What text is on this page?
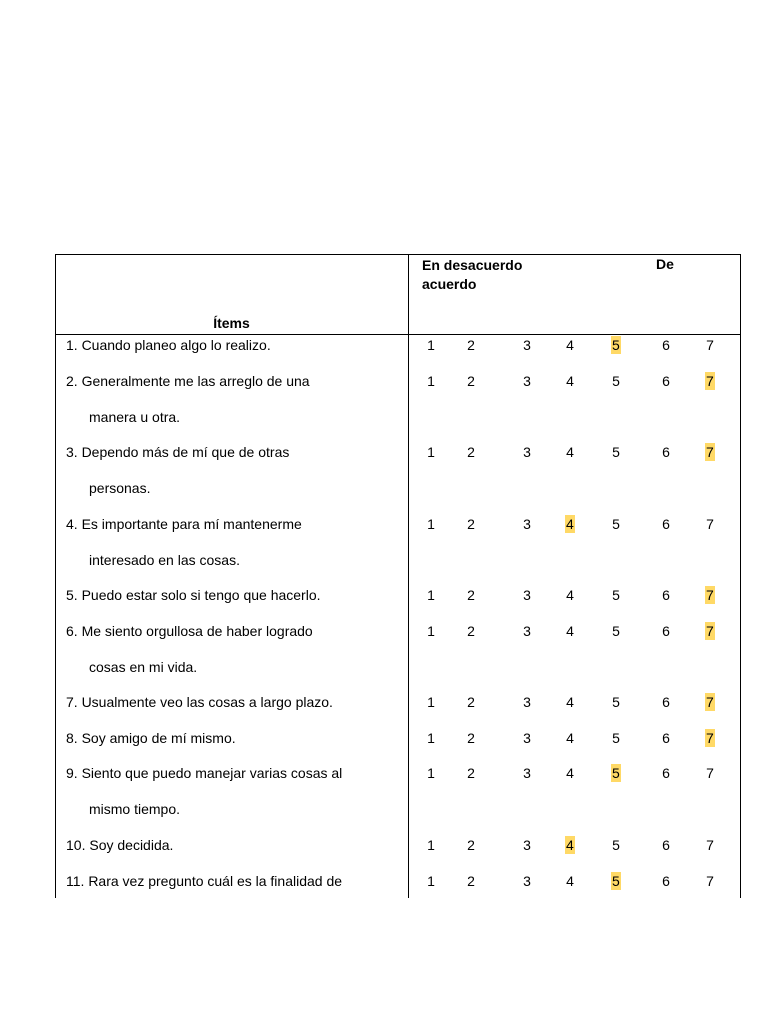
Ítems
En desacuerdo
acuerdo
De
1. Cuando planeo algo lo realizo.	1	2	3	4	5	6	7
2. Generalmente me las arreglo de una
manera u otra.
1	2	3	4	5	6	7
3. Dependo más de mí que de otras
personas.
1	2	3	4	5	6	7
4. Es importante para mí mantenerme
interesado en las cosas.
1	2	3	4	5	6	7
5. Puedo estar solo si tengo que hacerlo.	1	2	3	4	5	6	7
6. Me siento orgullosa de haber logrado
cosas en mi vida.
1	2	3	4	5	6	7
7. Usualmente veo las cosas a largo plazo.	1	2	3	4	5	6	7
8. Soy amigo de mí mismo.	1	2	3	4	5	6	7
9. Siento que puedo manejar varias cosas al
mismo tiempo.
1	2	3	4	5	6	7
10. Soy decidida.	1	2	3	4	5	6	7
11. Rara vez pregunto cuál es la finalidad de	1	2	3	4	5	6	7
